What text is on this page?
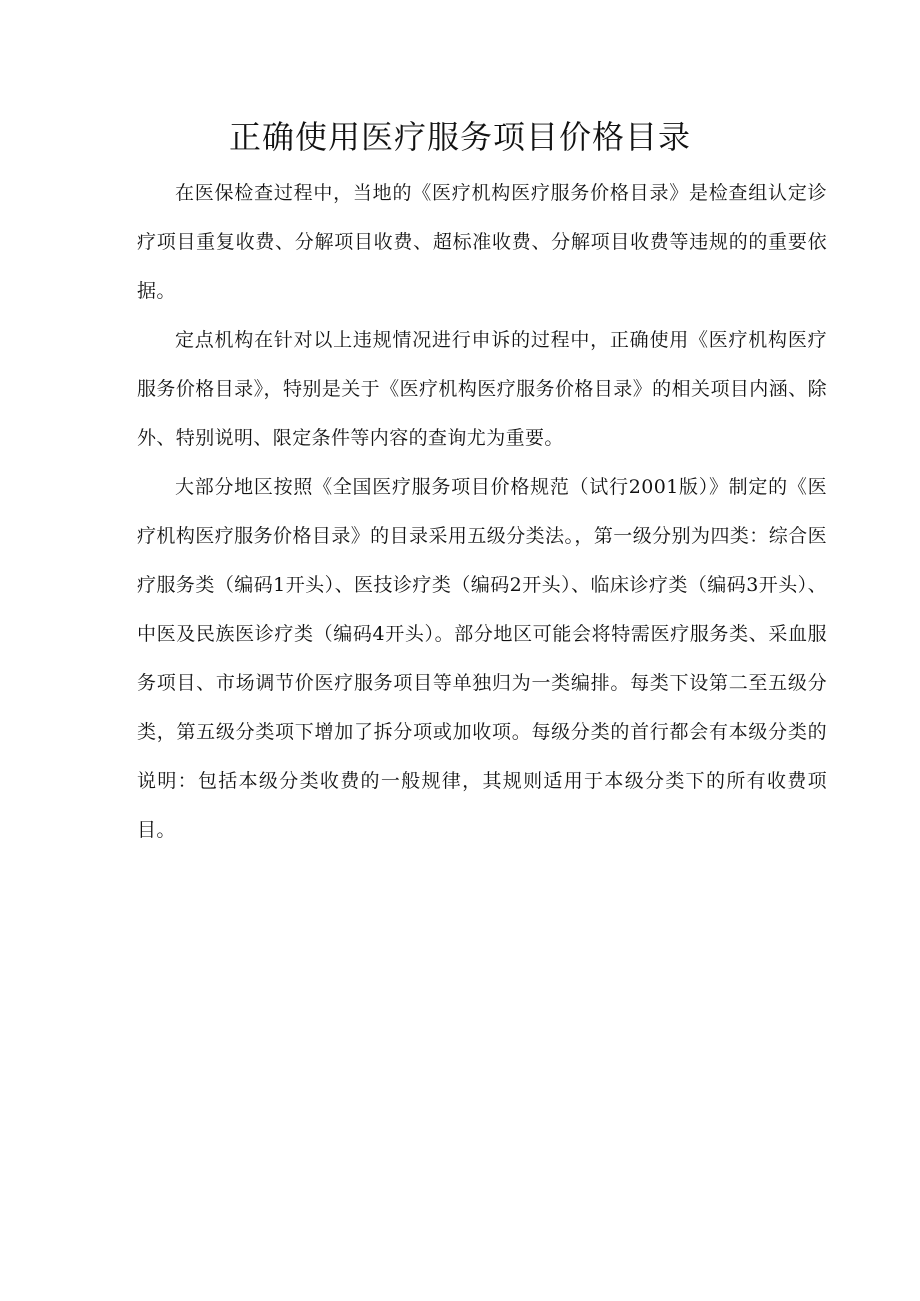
正确使用医疗服务项目价格目录

在医保检查过程中，当地的《医疗机构医疗服务价格目录》是检查组认定诊疗项目重复收费、分解项目收费、超标准收费、分解项目收费等违规的的重要依据。

定点机构在针对以上违规情况进行申诉的过程中，正确使用《医疗机构医疗服务价格目录》，特别是关于《医疗机构医疗服务价格目录》的相关项目内涵、除外、特别说明、限定条件等内容的查询尤为重要。

大部分地区按照《全国医疗服务项目价格规范（试行2001版）》制定的《医疗机构医疗服务价格目录》的目录采用五级分类法。，第一级分别为四类：综合医疗服务类（编码1开头）、医技诊疗类（编码2开头）、临床诊疗类（编码3开头）、中医及民族医诊疗类（编码4开头）。部分地区可能会将特需医疗服务类、采血服务项目、市场调节价医疗服务项目等单独归为一类编排。每类下设第二至五级分类，第五级分类项下增加了拆分项或加收项。每级分类的首行都会有本级分类的说明：包括本级分类收费的一般规律，其规则适用于本级分类下的所有收费项目。
